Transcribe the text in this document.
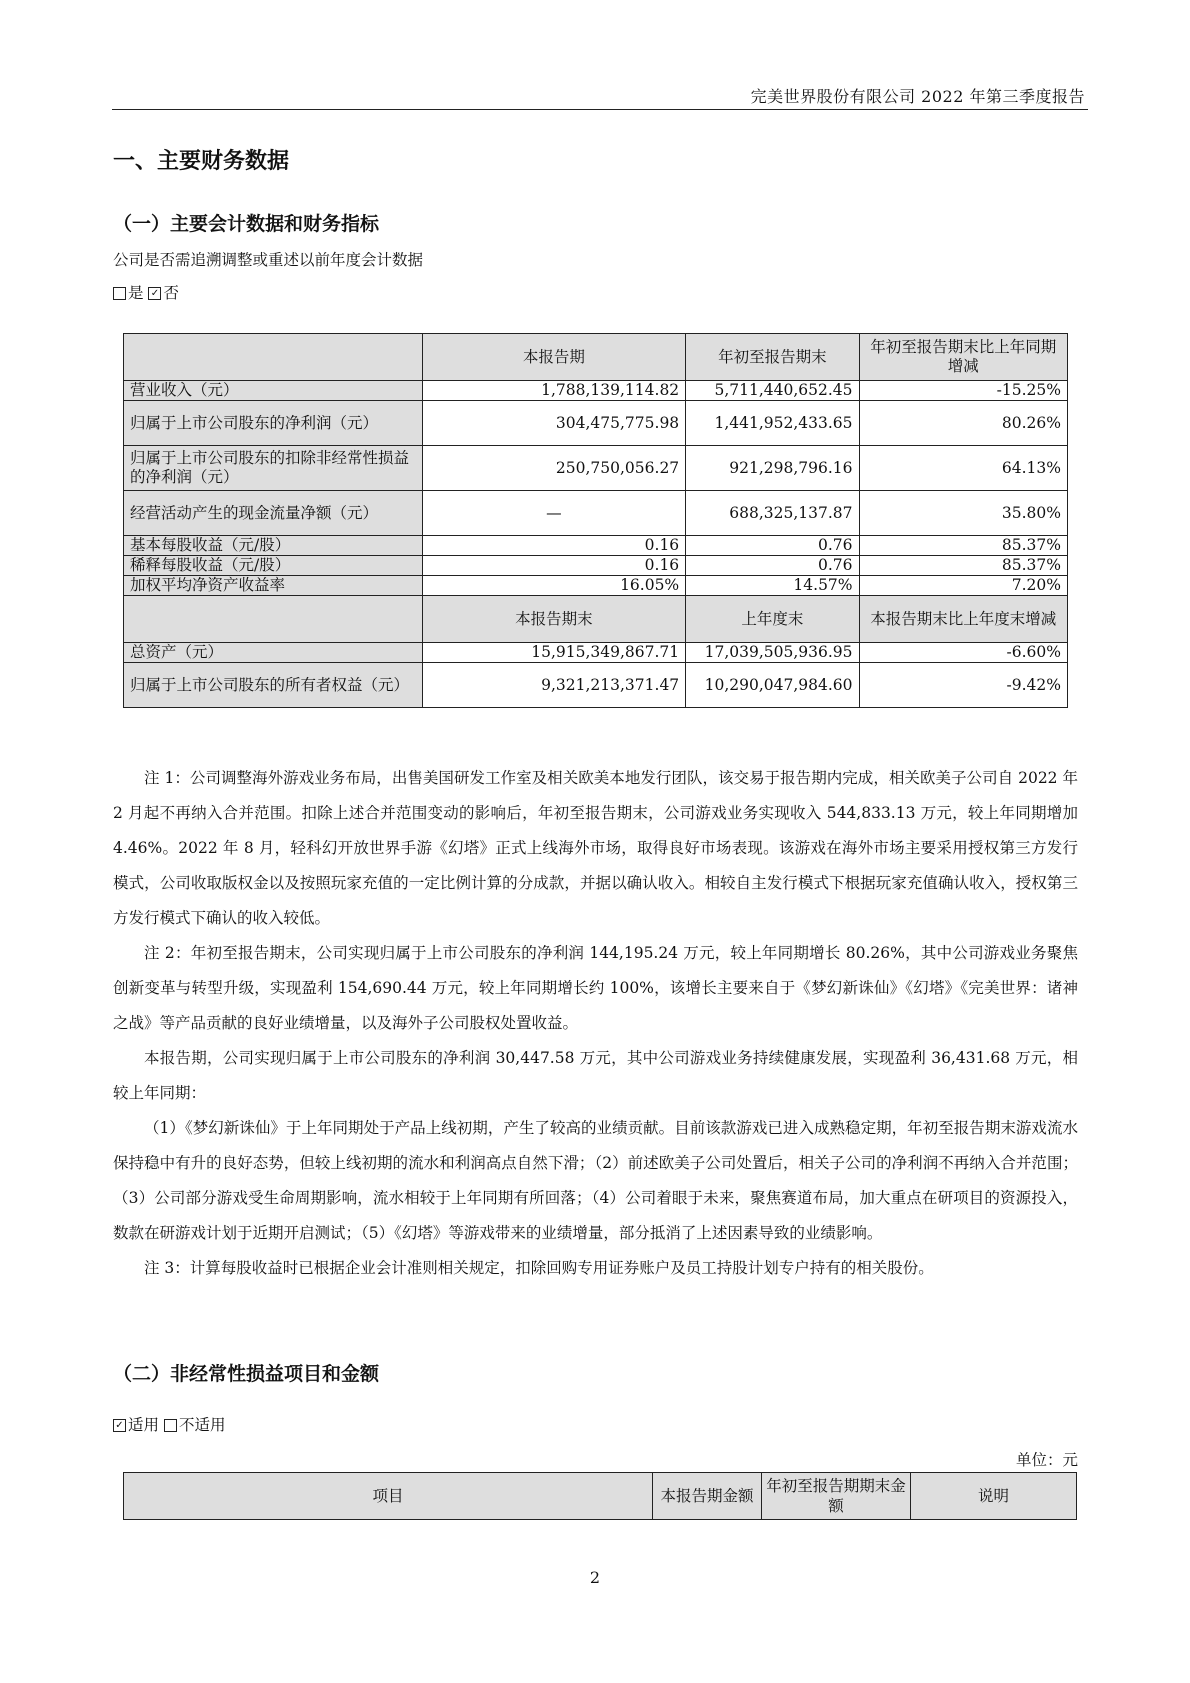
完美世界股份有限公司 2022 年第三季度报告
一、主要财务数据
（一）主要会计数据和财务指标
公司是否需追溯调整或重述以前年度会计数据
是 ✓ 否
	本报告期	年初至报告期末	年初至报告期末比上年同期增减
营业收入（元）	1,788,139,114.82	5,711,440,652.45	-15.25%
归属于上市公司股东的净利润（元）	304,475,775.98	1,441,952,433.65	80.26%
归属于上市公司股东的扣除非经常性损益的净利润（元）	250,750,056.27	921,298,796.16	64.13%
经营活动产生的现金流量净额（元）	—	688,325,137.87	35.80%
基本每股收益（元/股）	0.16	0.76	85.37%
稀释每股收益（元/股）	0.16	0.76	85.37%
加权平均净资产收益率	16.05%	14.57%	7.20%
	本报告期末	上年度末	本报告期末比上年度末增减
总资产（元）	15,915,349,867.71	17,039,505,936.95	-6.60%
归属于上市公司股东的所有者权益（元）	9,321,213,371.47	10,290,047,984.60	-9.42%

注 1：公司调整海外游戏业务布局，出售美国研发工作室及相关欧美本地发行团队，该交易于报告期内完成，相关欧美子公司自 2022 年 2 月起不再纳入合并范围。扣除上述合并范围变动的影响后，年初至报告期末，公司游戏业务实现收入 544,833.13 万元，较上年同期增加 4.46%。2022 年 8 月，轻科幻开放世界手游《幻塔》正式上线海外市场，取得良好市场表现。该游戏在海外市场主要采用授权第三方发行模式，公司收取版权金以及按照玩家充值的一定比例计算的分成款，并据以确认收入。相较自主发行模式下根据玩家充值确认收入，授权第三方发行模式下确认的收入较低。

注 2：年初至报告期末，公司实现归属于上市公司股东的净利润 144,195.24 万元，较上年同期增长 80.26%，其中公司游戏业务聚焦创新变革与转型升级，实现盈利 154,690.44 万元，较上年同期增长约 100%，该增长主要来自于《梦幻新诛仙》《幻塔》《完美世界：诸神之战》等产品贡献的良好业绩增量，以及海外子公司股权处置收益。

本报告期，公司实现归属于上市公司股东的净利润 30,447.58 万元，其中公司游戏业务持续健康发展，实现盈利 36,431.68 万元，相较上年同期：

（1）《梦幻新诛仙》于上年同期处于产品上线初期，产生了较高的业绩贡献。目前该款游戏已进入成熟稳定期，年初至报告期末游戏流水保持稳中有升的良好态势，但较上线初期的流水和利润高点自然下滑；（2）前述欧美子公司处置后，相关子公司的净利润不再纳入合并范围；（3）公司部分游戏受生命周期影响，流水相较于上年同期有所回落；（4）公司着眼于未来，聚焦赛道布局，加大重点在研项目的资源投入，数款在研游戏计划于近期开启测试；（5）《幻塔》等游戏带来的业绩增量，部分抵消了上述因素导致的业绩影响。

注 3：计算每股收益时已根据企业会计准则相关规定，扣除回购专用证券账户及员工持股计划专户持有的相关股份。

（二）非经常性损益项目和金额
✓ 适用 不适用
单位：元
项目	本报告期金额	年初至报告期期末金额	说明
2
